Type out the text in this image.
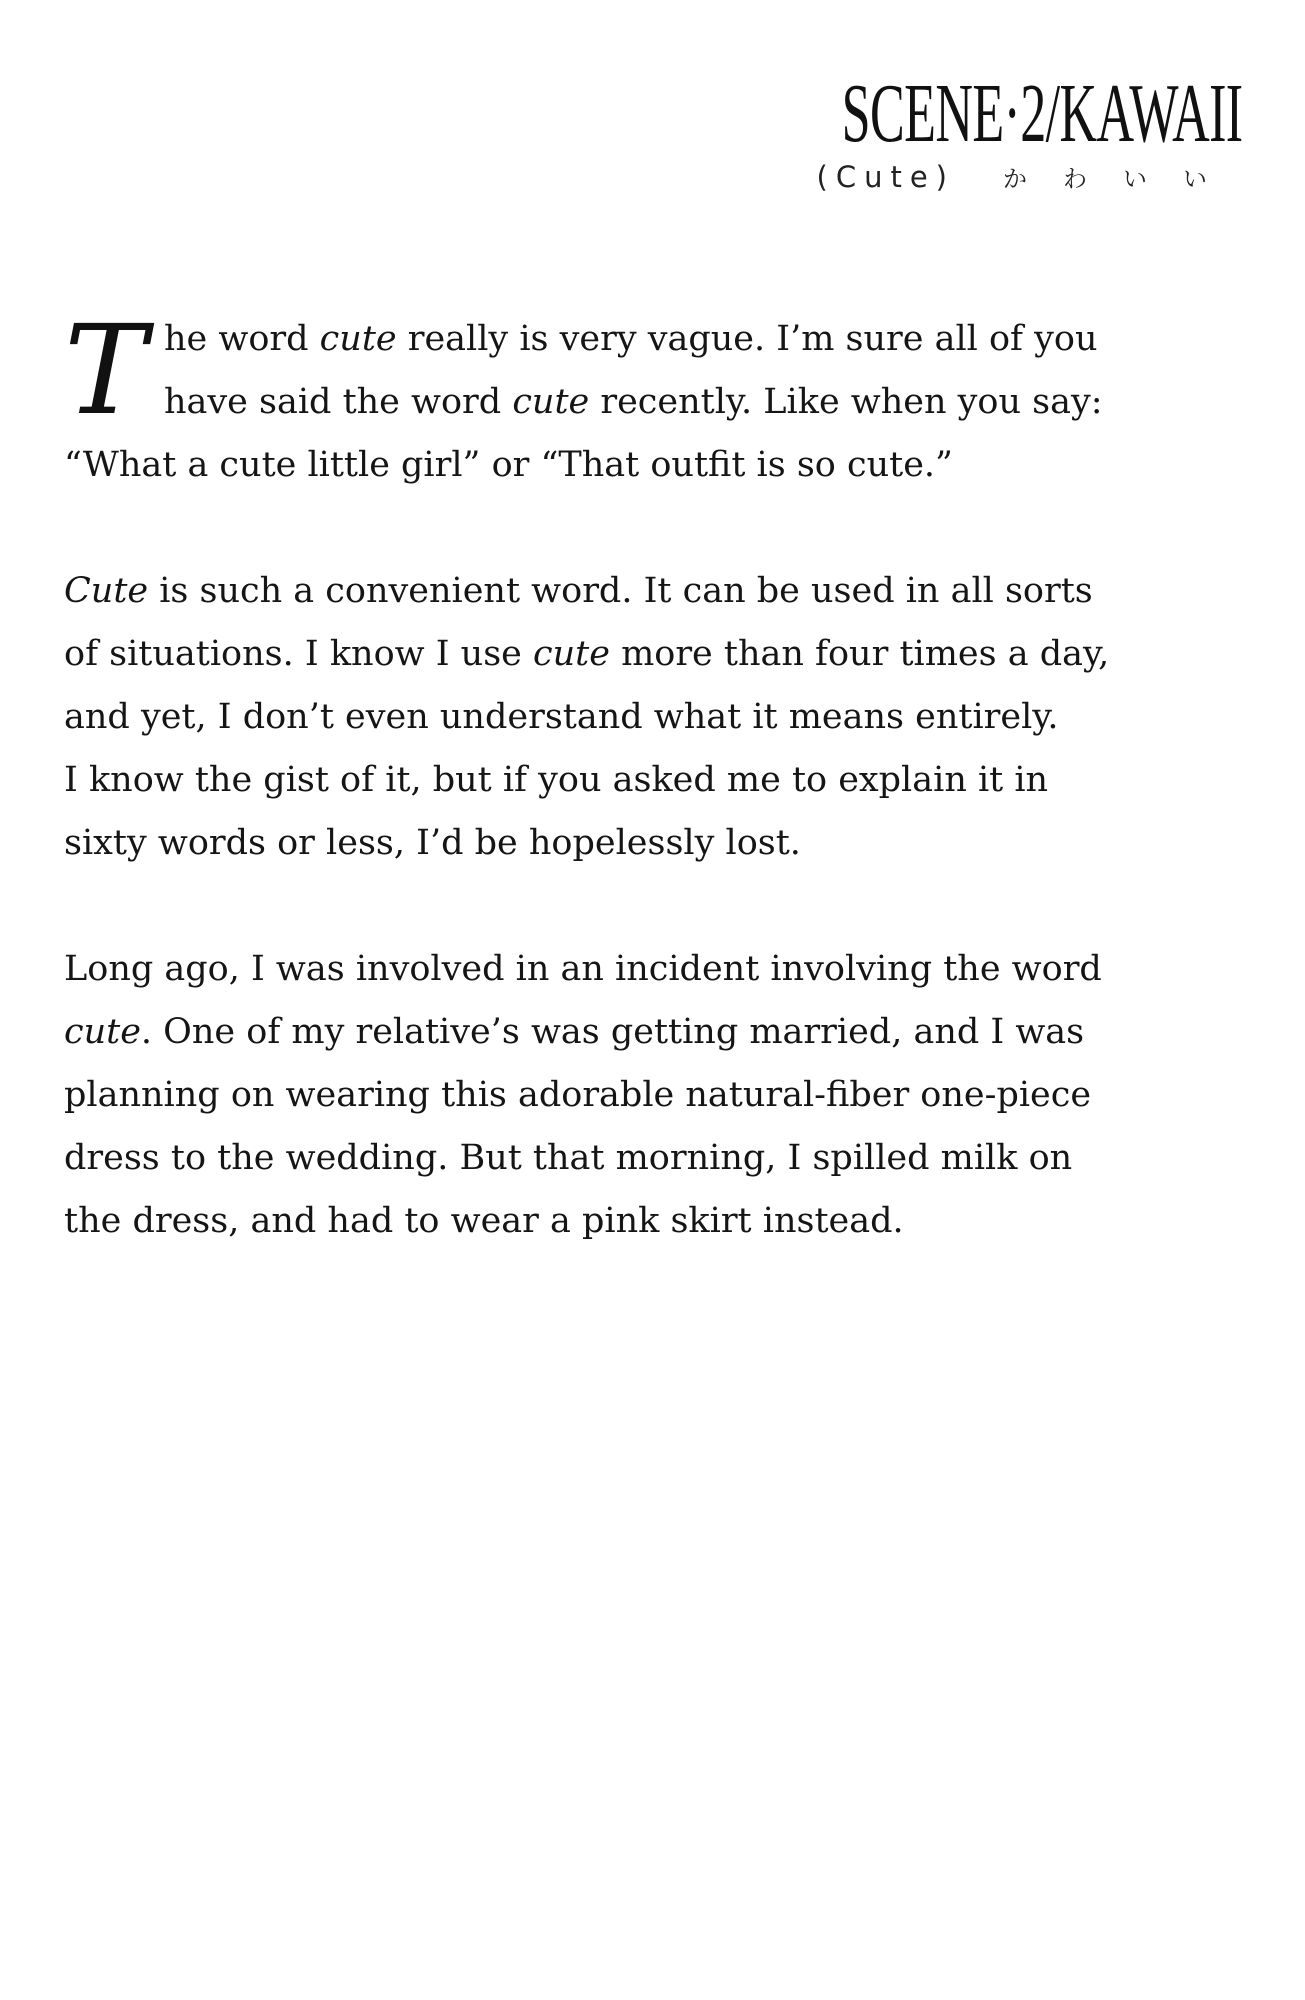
SCENE·2/KAWAII
(Cute) かわいい
T he word cute really is very vague. I’m sure all of you
have said the word cute recently. Like when you say:
“What a cute little girl” or “That outfit is so cute.”
Cute is such a convenient word. It can be used in all sorts
of situations. I know I use cute more than four times a day,
and yet, I don’t even understand what it means entirely.
I know the gist of it, but if you asked me to explain it in
sixty words or less, I’d be hopelessly lost.
Long ago, I was involved in an incident involving the word
cute. One of my relative’s was getting married, and I was
planning on wearing this adorable natural-fiber one-piece
dress to the wedding. But that morning, I spilled milk on
the dress, and had to wear a pink skirt instead.
